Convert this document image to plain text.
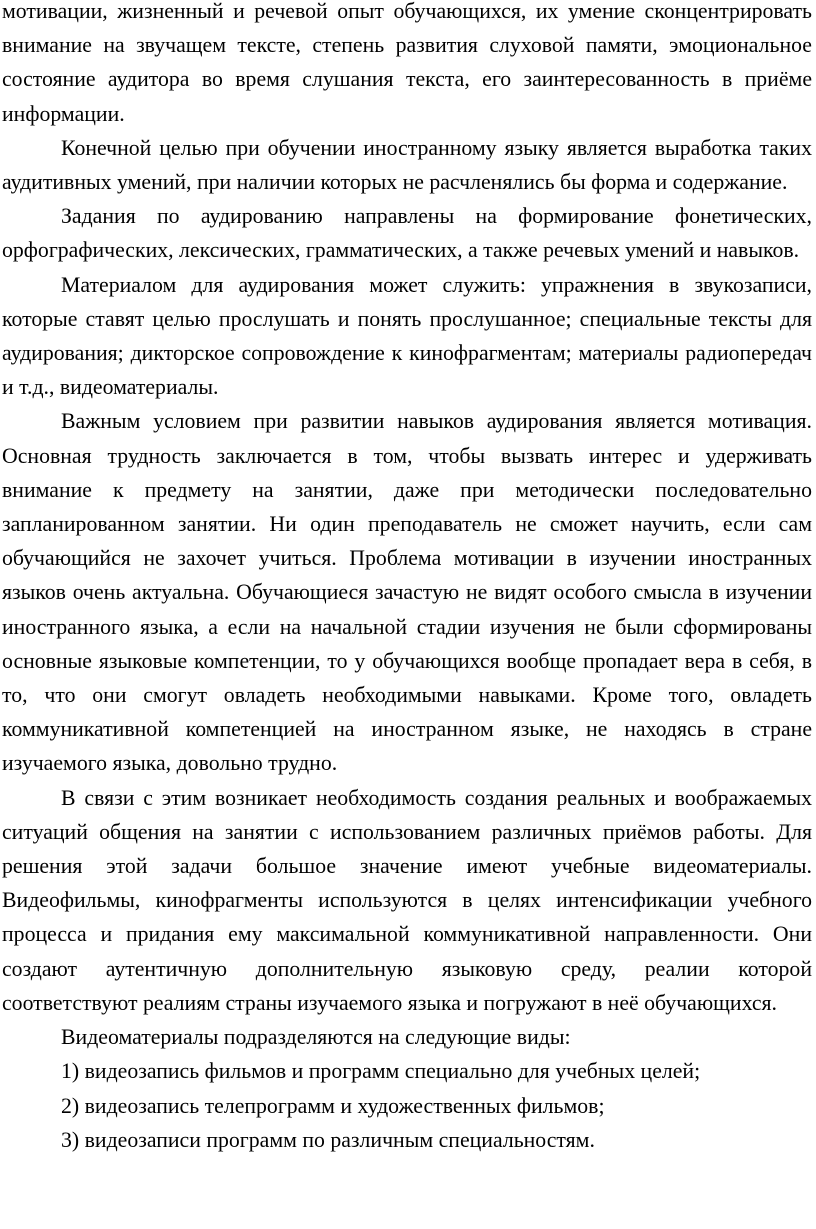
мотивации, жизненный и речевой опыт обучающихся, их умение сконцентрировать внимание на звучащем тексте, степень развития слуховой памяти, эмоциональное состояние аудитора во время слушания текста, его заинтересованность в приёме информации.

Конечной целью при обучении иностранному языку является выработка таких аудитивных умений, при наличии которых не расчленялись бы форма и содержание.

Задания по аудированию направлены на формирование фонетических, орфографических, лексических, грамматических, а также речевых умений и навыков.

Материалом для аудирования может служить: упражнения в звукозаписи, которые ставят целью прослушать и понять прослушанное; специальные тексты для аудирования; дикторское сопровождение к кинофрагментам; материалы радиопередач и т.д., видеоматериалы.

Важным условием при развитии навыков аудирования является мотивация. Основная трудность заключается в том, чтобы вызвать интерес и удерживать внимание к предмету на занятии, даже при методически последовательно запланированном занятии. Ни один преподаватель не сможет научить, если сам обучающийся не захочет учиться. Проблема мотивации в изучении иностранных языков очень актуальна. Обучающиеся зачастую не видят особого смысла в изучении иностранного языка, а если на начальной стадии изучения не были сформированы основные языковые компетенции, то у обучающихся вообще пропадает вера в себя, в то, что они смогут овладеть необходимыми навыками. Кроме того, овладеть коммуникативной компетенцией на иностранном языке, не находясь в стране изучаемого языка, довольно трудно.

В связи с этим возникает необходимость создания реальных и воображаемых ситуаций общения на занятии с использованием различных приёмов работы. Для решения этой задачи большое значение имеют учебные видеоматериалы. Видеофильмы, кинофрагменты используются в целях интенсификации учебного процесса и придания ему максимальной коммуникативной направленности. Они создают аутентичную дополнительную языковую среду, реалии которой соответствуют реалиям страны изучаемого языка и погружают в неё обучающихся.

Видеоматериалы подразделяются на следующие виды:

1) видеозапись фильмов и программ специально для учебных целей;

2) видеозапись телепрограмм и художественных фильмов;

3) видеозаписи программ по различным специальностям.
